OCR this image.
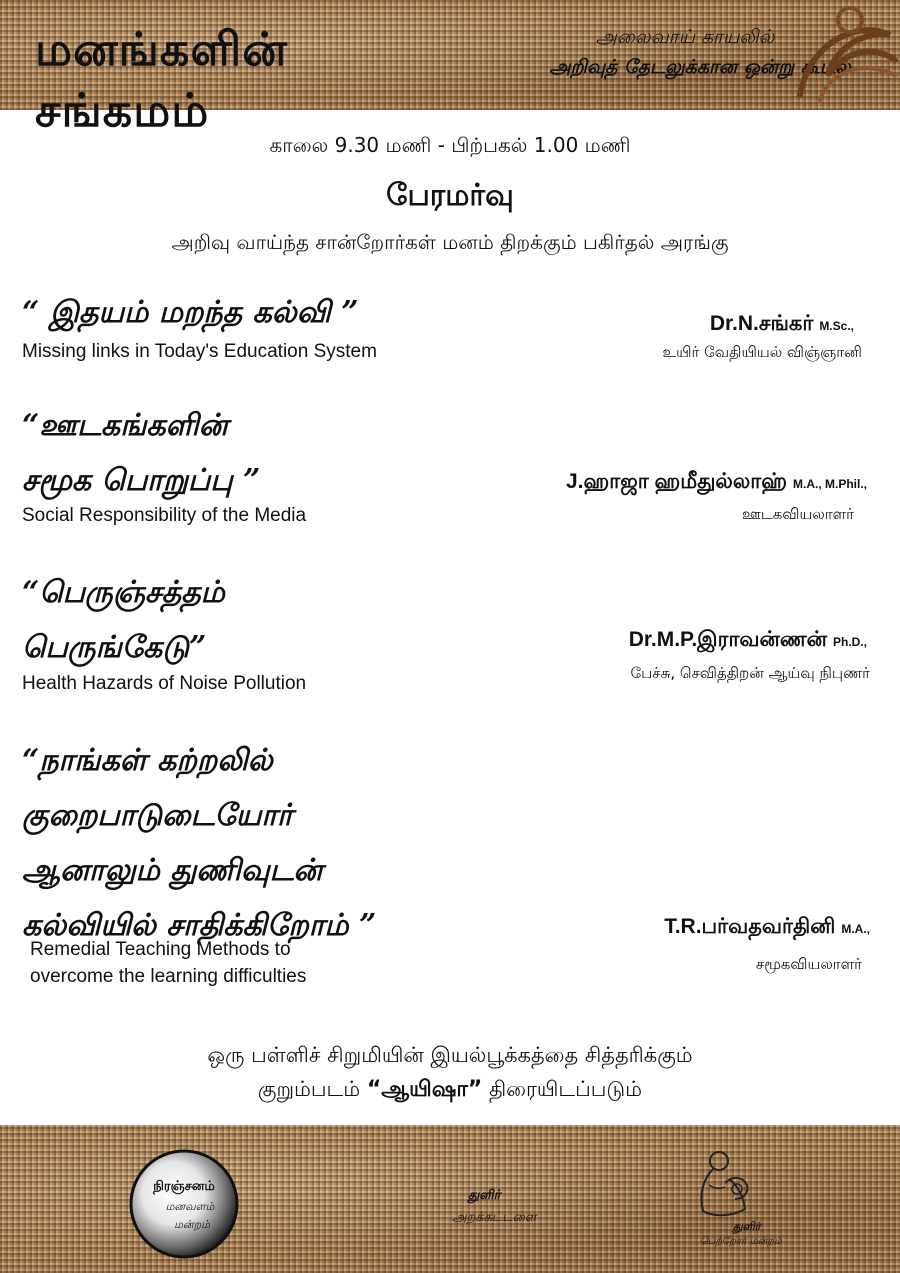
மனங்களின் சங்கமம்
அலைவாய் காயலில்
அறிவுத் தேடலுக்கான ஒன்று கூடல்
காலை 9.30 மணி - பிற்பகல் 1.00 மணி
பேரமர்வு
அறிவு வாய்ந்த சான்றோர்கள் மனம் திறக்கும் பகிர்தல் அரங்கு
“ இதயம் மறந்த கல்வி ”
Missing links in Today's Education System
Dr.N.சங்கர் M.Sc.,
உயிர் வேதியியல் விஞ்ஞானி
“ஊடகங்களின்
சமூக பொறுப்பு ”
Social Responsibility of the Media
J.ஹாஜா ஹமீதுல்லாஹ் M.A., M.Phil.,
ஊடகவியலாளர்
“பெருஞ்சத்தம்
பெருங்கேடு”
Health Hazards of Noise Pollution
Dr.M.P.இராவன்ணன் Ph.D.,
பேச்சு, செவித்திறன் ஆய்வு நிபுணர்
“நாங்கள் கற்றலில்
குறைபாடுடையோர்
ஆனாலும் துணிவுடன்
கல்வியில் சாதிக்கிறோம் ”
Remedial Teaching Methods to
overcome the learning difficulties
T.R.பர்வதவர்தினி M.A.,
சமூகவியலாளர்
ஒரு பள்ளிச் சிறுமியின் இயல்பூக்கத்தை சித்தரிக்கும்
குறும்படம் “ஆயிஷா” திரையிடப்படும்
நிரஞ்சனம்
மனவளம்
மன்றம்
துளிர்
அறக்கட்டளை
துளிர்
பெற்றோர் மன்றம்
